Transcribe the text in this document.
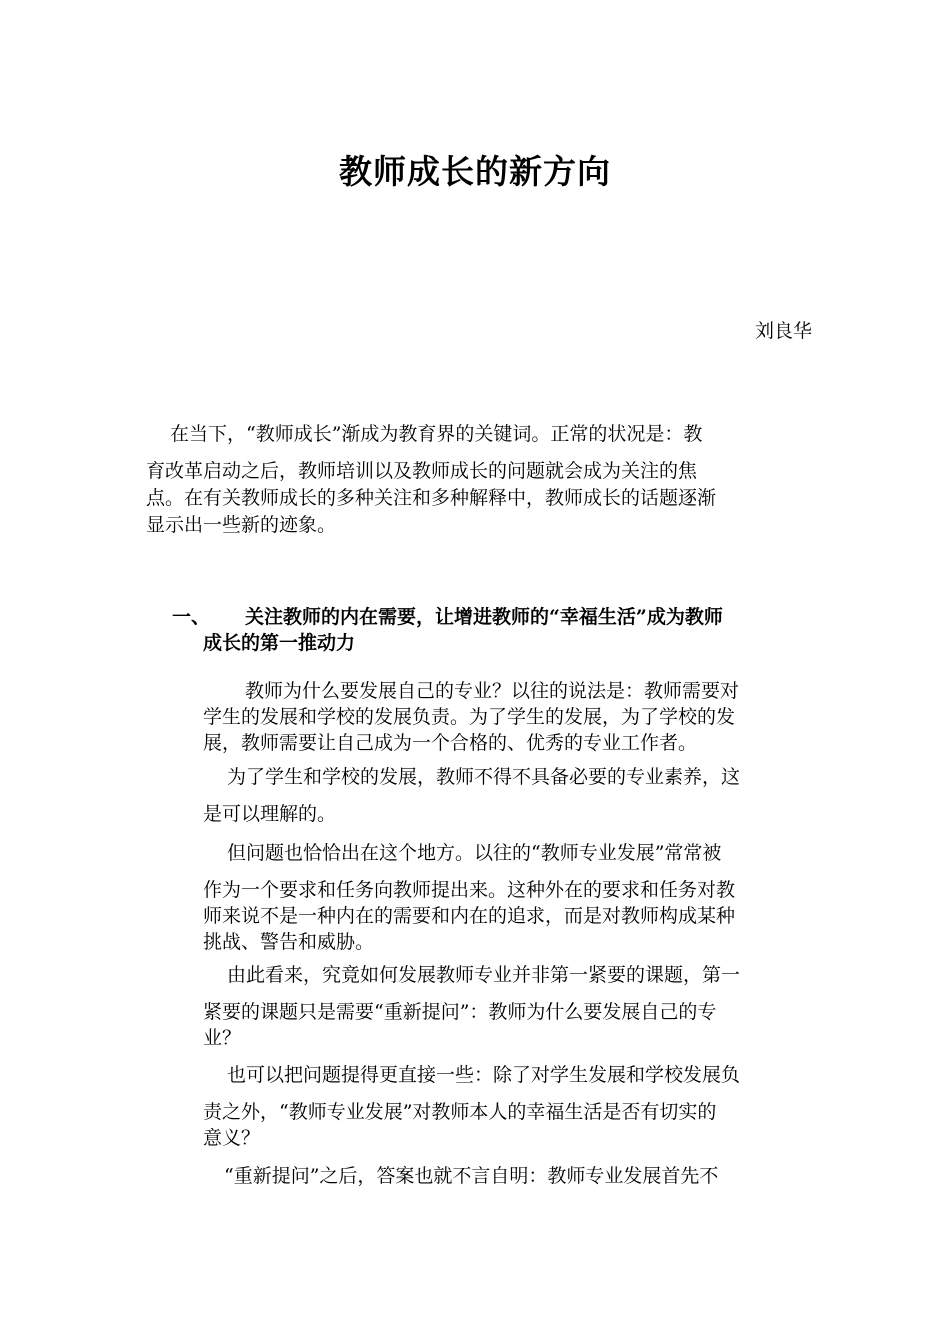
教师成长的新方向
刘良华
在当下，“教师成长”渐成为教育界的关键词。正常的状况是：教
育改革启动之后，教师培训以及教师成长的问题就会成为关注的焦
点。在有关教师成长的多种关注和多种解释中，教师成长的话题逐渐
显示出一些新的迹象。
一、 关注教师的内在需要，让增进教师的“幸福生活”成为教师
成长的第一推动力
教师为什么要发展自己的专业？以往的说法是：教师需要对
学生的发展和学校的发展负责。为了学生的发展，为了学校的发
展，教师需要让自己成为一个合格的、优秀的专业工作者。
为了学生和学校的发展，教师不得不具备必要的专业素养，这
是可以理解的。
但问题也恰恰出在这个地方。以往的“教师专业发展”常常被
作为一个要求和任务向教师提出来。这种外在的要求和任务对教
师来说不是一种内在的需要和内在的追求，而是对教师构成某种
挑战、警告和威胁。
由此看来，究竟如何发展教师专业并非第一紧要的课题，第一
紧要的课题只是需要“重新提问”：教师为什么要发展自己的专
业？
也可以把问题提得更直接一些：除了对学生发展和学校发展负
责之外，“教师专业发展”对教师本人的幸福生活是否有切实的
意义？
“重新提问”之后，答案也就不言自明：教师专业发展首先不
